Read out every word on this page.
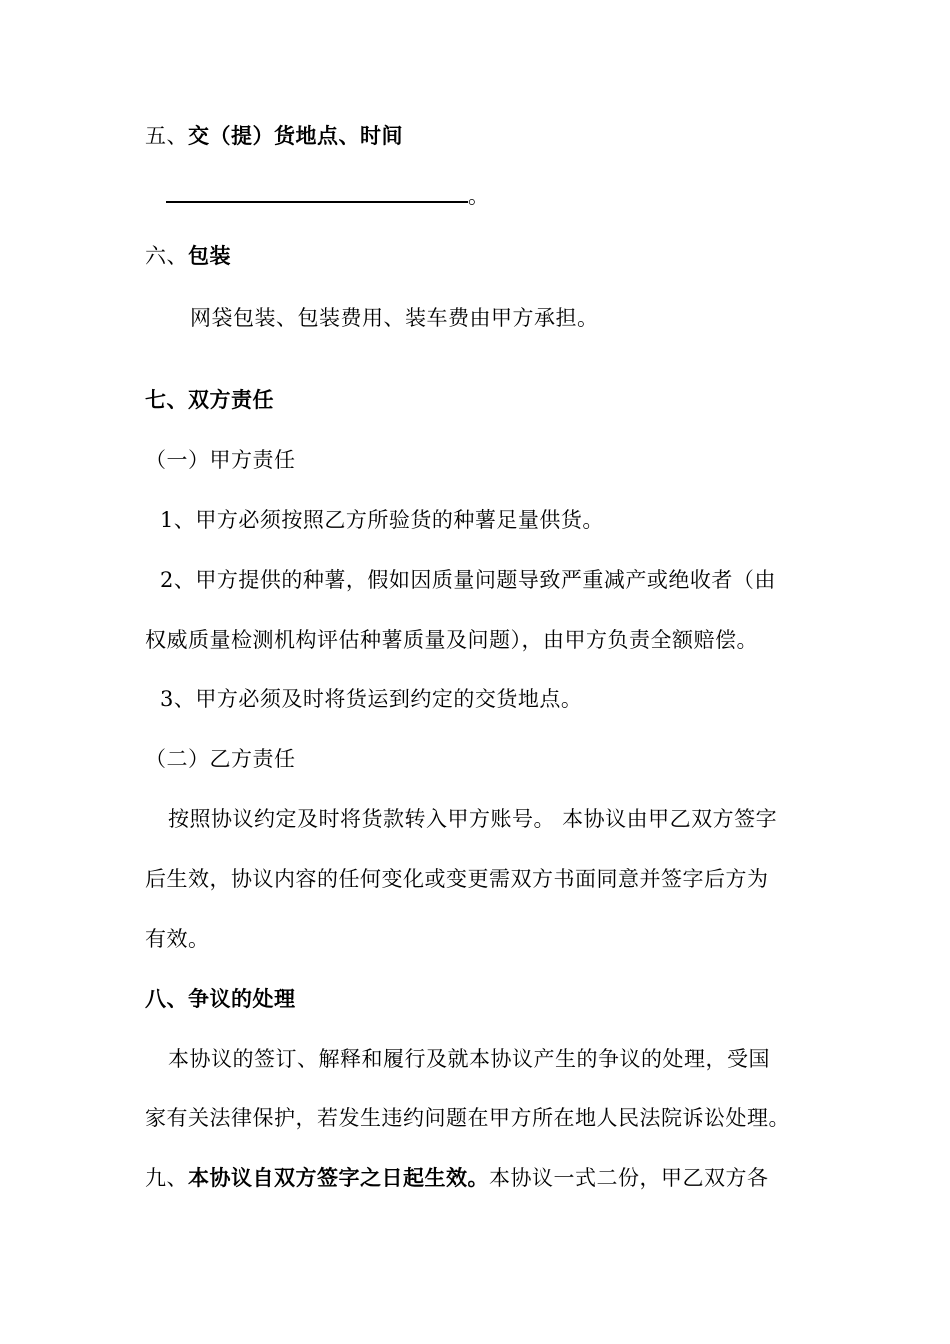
五、交（提）货地点、时间
。
六、包装
网袋包装、包装费用、装车费由甲方承担。
七、双方责任
（一）甲方责任
1、甲方必须按照乙方所验货的种薯足量供货。
2、甲方提供的种薯，假如因质量问题导致严重减产或绝收者（由
权威质量检测机构评估种薯质量及问题），由甲方负责全额赔偿。
3、甲方必须及时将货运到约定的交货地点。
（二）乙方责任
按照协议约定及时将货款转入甲方账号。 本协议由甲乙双方签字
后生效，协议内容的任何变化或变更需双方书面同意并签字后方为
有效。
八、争议的处理
本协议的签订、解释和履行及就本协议产生的争议的处理，受国
家有关法律保护，若发生违约问题在甲方所在地人民法院诉讼处理。
九、本协议自双方签字之日起生效。本协议一式二份，甲乙双方各
